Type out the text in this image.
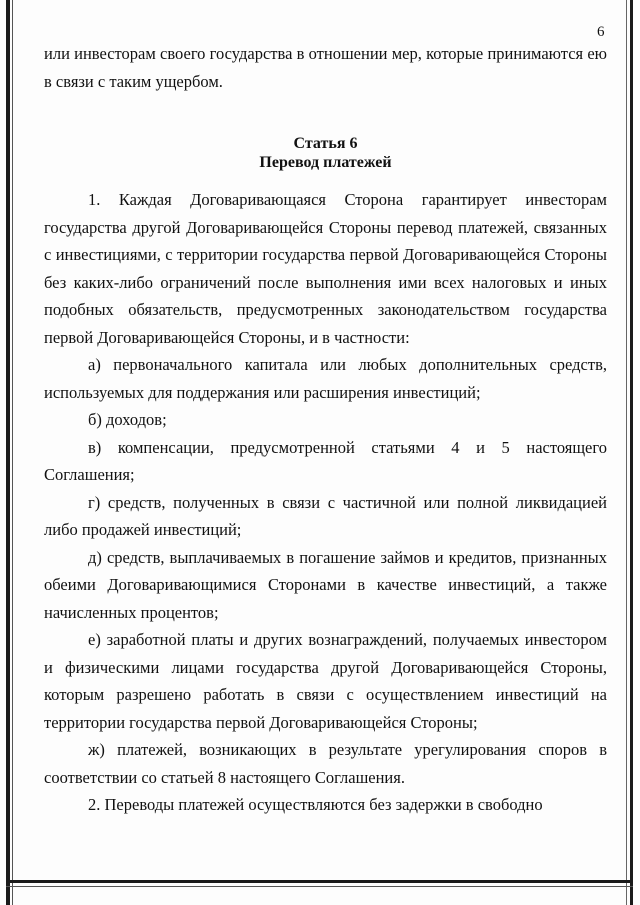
6

или инвесторам своего государства в отношении мер, которые принимаются ею в связи с таким ущербом.

Статья 6
Перевод платежей

1. Каждая Договаривающаяся Сторона гарантирует инвесторам государства другой Договаривающейся Стороны перевод платежей, связанных с инвестициями, с территории государства первой Договаривающейся Стороны без каких-либо ограничений после выполнения ими всех налоговых и иных подобных обязательств, предусмотренных законодательством государства первой Договаривающейся Стороны, и в частности:

а) первоначального капитала или любых дополнительных средств, используемых для поддержания или расширения инвестиций;

б) доходов;

в) компенсации, предусмотренной статьями 4 и 5 настоящего Соглашения;

г) средств, полученных в связи с частичной или полной ликвидацией либо продажей инвестиций;

д) средств, выплачиваемых в погашение займов и кредитов, признанных обеими Договаривающимися Сторонами в качестве инвестиций, а также начисленных процентов;

е) заработной платы и других вознаграждений, получаемых инвестором и физическими лицами государства другой Договаривающейся Стороны, которым разрешено работать в связи с осуществлением инвестиций на территории государства первой Договаривающейся Стороны;

ж) платежей, возникающих в результате урегулирования споров в соответствии со статьей 8 настоящего Соглашения.

2. Переводы платежей осуществляются без задержки в свободно
